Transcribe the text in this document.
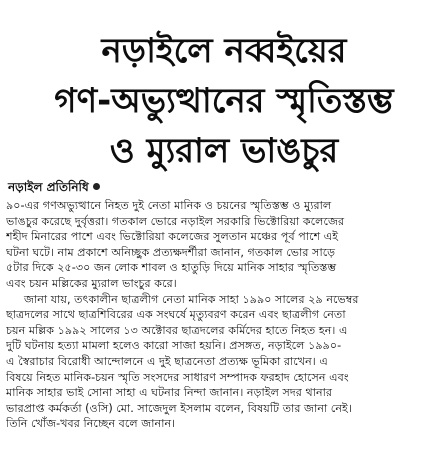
নড়াইলে নব্বইয়ের
গণ-অভ্যুত্থানের স্মৃতিস্তম্ভ
ও ম্যুরাল ভাঙচুর
নড়াইল প্রতিনিধি

৯০-এর গণঅভ্যুত্থানে নিহত দুই নেতা মানিক ও চয়নের স্মৃতিস্তম্ভ ও ম্যুরাল
ভাঙচুর করেছে দুর্বৃত্তরা। গতকাল ভোরে নড়াইল সরকারি ভিক্টোরিয়া কলেজের
শহীদ মিনারের পাশে এবং ভিক্টোরিয়া কলেজের সুলতান মঞ্চের পূর্ব পাশে এই
ঘটনা ঘটে। নাম প্রকাশে অনিচ্ছুক প্রত্যক্ষদর্শীরা জানান, গতকাল ভোর সাড়ে
৫টার দিকে ২৫-৩০ জন লোক শাবল ও হাতুড়ি দিয়ে মানিক সাহার স্মৃতিস্তম্ভ
এবং চয়ন মল্লিকের ম্যুরাল ভাংচুর করে।

জানা যায়, তৎকালীন ছাত্রলীগ নেতা মানিক সাহা ১৯৯০ সালের ২৯ নভেম্বর
ছাত্রদলের সাথে ছাত্রশিবিরের এক সংঘর্ষে মৃত্যুবরণ করেন এবং ছাত্রলীগ নেতা
চয়ন মল্লিক ১৯৯২ সালের ১৩ অক্টোবর ছাত্রদলের কর্মিদের হাতে নিহত হন। এ
দুটি ঘটনায় হত্যা মামলা হলেও কারো সাজা হয়নি। প্রসঙ্গত, নড়াইলে ১৯৯০-
এ স্বৈরাচার বিরোধী আন্দোলনে এ দুই ছাত্রনেতা প্রত্যক্ষ ভূমিকা রাখেন। এ
বিষয়ে নিহত মানিক-চয়ন স্মৃতি সংসদের সাধারণ সম্পাদক ফরহাদ হোসেন এবং
মানিক সাহার ভাই সোনা সাহা এ ঘটনার নিন্দা জানান। নড়াইল সদর থানার
ভারপ্রাপ্ত কর্মকর্তা (ওসি) মো. সাজেদুল ইসলাম বলেন, বিষয়টি তার জানা নেই।
তিনি খোঁজ-খবর নিচ্ছেন বলে জানান।
